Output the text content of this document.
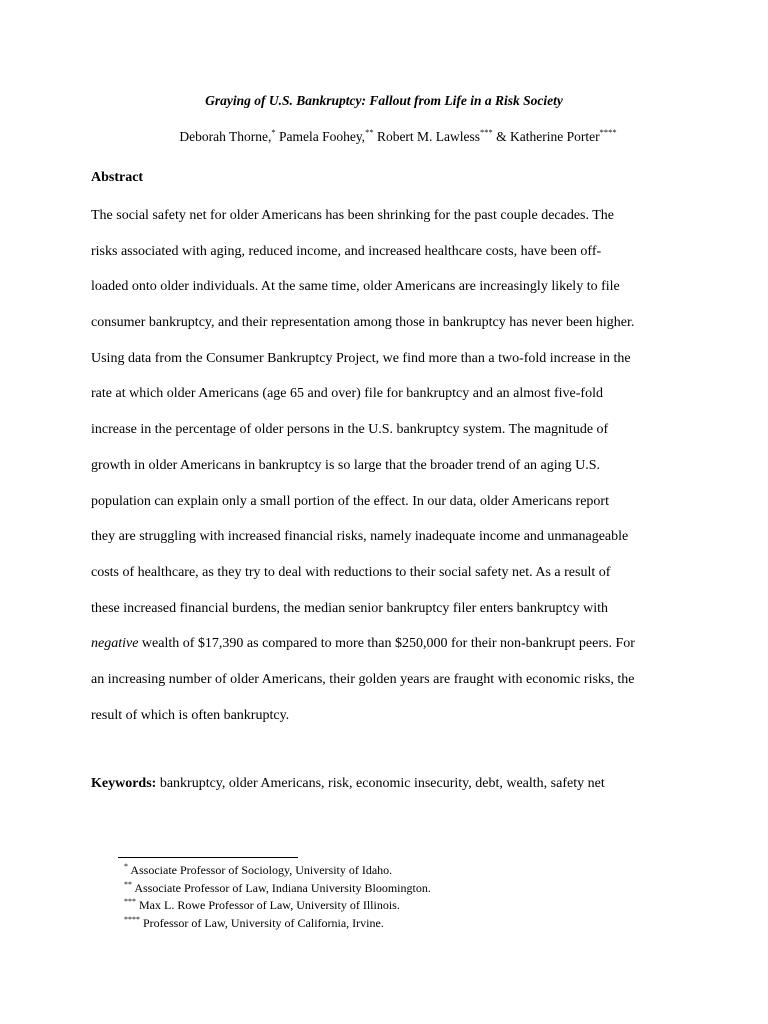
Graying of U.S. Bankruptcy: Fallout from Life in a Risk Society
Deborah Thorne,* Pamela Foohey,** Robert M. Lawless*** & Katherine Porter****
Abstract
The social safety net for older Americans has been shrinking for the past couple decades. The
risks associated with aging, reduced income, and increased healthcare costs, have been off-
loaded onto older individuals. At the same time, older Americans are increasingly likely to file
consumer bankruptcy, and their representation among those in bankruptcy has never been higher.
Using data from the Consumer Bankruptcy Project, we find more than a two-fold increase in the
rate at which older Americans (age 65 and over) file for bankruptcy and an almost five-fold
increase in the percentage of older persons in the U.S. bankruptcy system. The magnitude of
growth in older Americans in bankruptcy is so large that the broader trend of an aging U.S.
population can explain only a small portion of the effect. In our data, older Americans report
they are struggling with increased financial risks, namely inadequate income and unmanageable
costs of healthcare, as they try to deal with reductions to their social safety net. As a result of
these increased financial burdens, the median senior bankruptcy filer enters bankruptcy with
negative wealth of $17,390 as compared to more than $250,000 for their non-bankrupt peers. For
an increasing number of older Americans, their golden years are fraught with economic risks, the
result of which is often bankruptcy.
Keywords: bankruptcy, older Americans, risk, economic insecurity, debt, wealth, safety net
* Associate Professor of Sociology, University of Idaho.
** Associate Professor of Law, Indiana University Bloomington.
*** Max L. Rowe Professor of Law, University of Illinois.
**** Professor of Law, University of California, Irvine.
